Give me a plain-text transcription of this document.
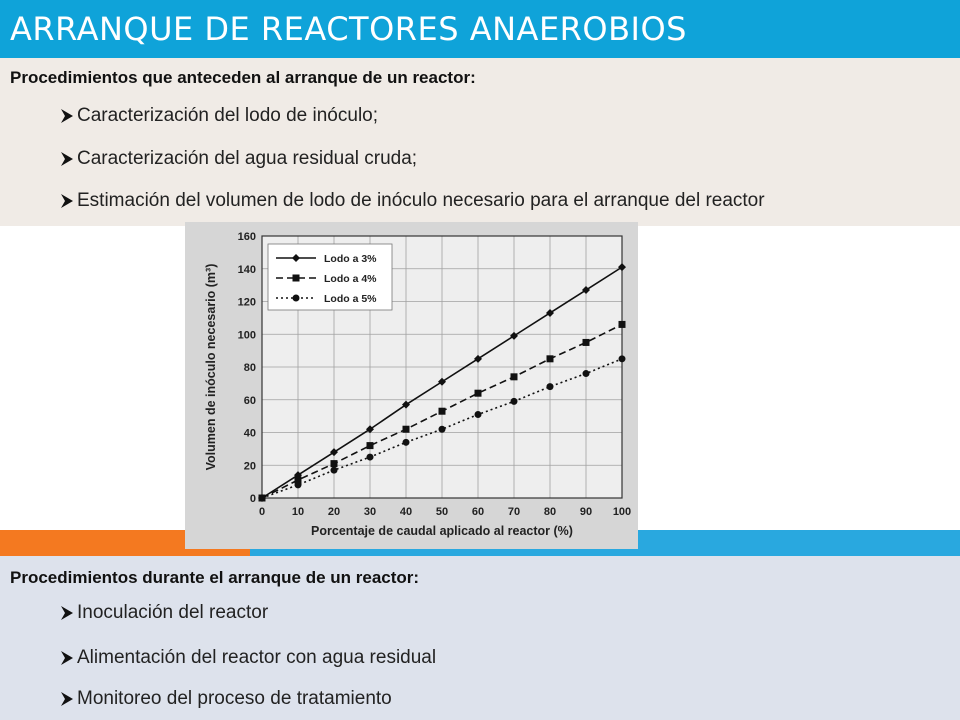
ARRANQUE DE REACTORES ANAEROBIOS
Procedimientos que anteceden al arranque de un reactor:
Caracterización del lodo de inóculo;
Caracterización del agua residual cruda;
Estimación del volumen de lodo de inóculo necesario para el arranque del reactor
0
20
40
60
80
100
120
140
160
0 10 20 30 40 50 60 70 80 90 100
Porcentaje de caudal aplicado al reactor (%)
Volumen de inóculo necesario (m³)
Lodo a 3%
Lodo a 4%
Lodo a 5%
Procedimientos durante el arranque de un reactor:
Inoculación del reactor
Alimentación del reactor con agua residual
Monitoreo del proceso de tratamiento
